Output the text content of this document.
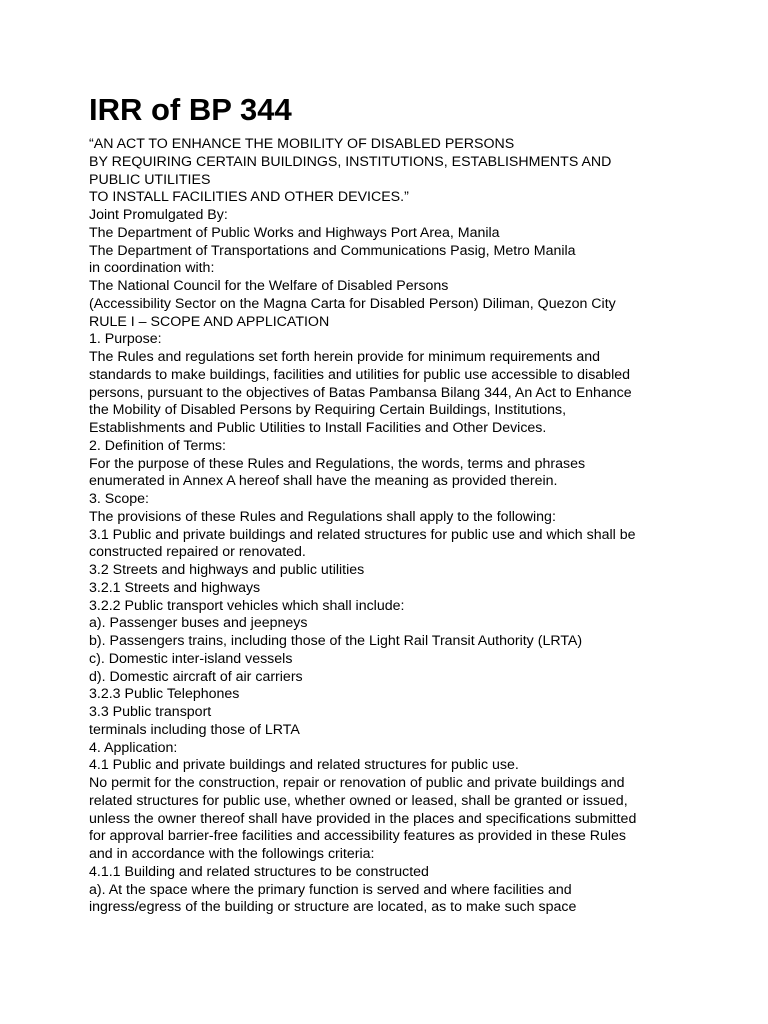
IRR of BP 344
“AN ACT TO ENHANCE THE MOBILITY OF DISABLED PERSONS
BY REQUIRING CERTAIN BUILDINGS, INSTITUTIONS, ESTABLISHMENTS AND
PUBLIC UTILITIES
TO INSTALL FACILITIES AND OTHER DEVICES.”
Joint Promulgated By:
The Department of Public Works and Highways Port Area, Manila
The Department of Transportations and Communications Pasig, Metro Manila
in coordination with:
The National Council for the Welfare of Disabled Persons
(Accessibility Sector on the Magna Carta for Disabled Person) Diliman, Quezon City
RULE I – SCOPE AND APPLICATION
1. Purpose:
The Rules and regulations set forth herein provide for minimum requirements and
standards to make buildings, facilities and utilities for public use accessible to disabled
persons, pursuant to the objectives of Batas Pambansa Bilang 344, An Act to Enhance
the Mobility of Disabled Persons by Requiring Certain Buildings, Institutions,
Establishments and Public Utilities to Install Facilities and Other Devices.
2. Definition of Terms:
For the purpose of these Rules and Regulations, the words, terms and phrases
enumerated in Annex A hereof shall have the meaning as provided therein.
3. Scope:
The provisions of these Rules and Regulations shall apply to the following:
3.1 Public and private buildings and related structures for public use and which shall be
constructed repaired or renovated.
3.2 Streets and highways and public utilities
3.2.1 Streets and highways
3.2.2 Public transport vehicles which shall include:
a). Passenger buses and jeepneys
b). Passengers trains, including those of the Light Rail Transit Authority (LRTA)
c). Domestic inter-island vessels
d). Domestic aircraft of air carriers
3.2.3 Public Telephones
3.3 Public transport
terminals including those of LRTA
4. Application:
4.1 Public and private buildings and related structures for public use.
No permit for the construction, repair or renovation of public and private buildings and
related structures for public use, whether owned or leased, shall be granted or issued,
unless the owner thereof shall have provided in the places and specifications submitted
for approval barrier-free facilities and accessibility features as provided in these Rules
and in accordance with the followings criteria:
4.1.1 Building and related structures to be constructed
a). At the space where the primary function is served and where facilities and
ingress/egress of the building or structure are located, as to make such space
